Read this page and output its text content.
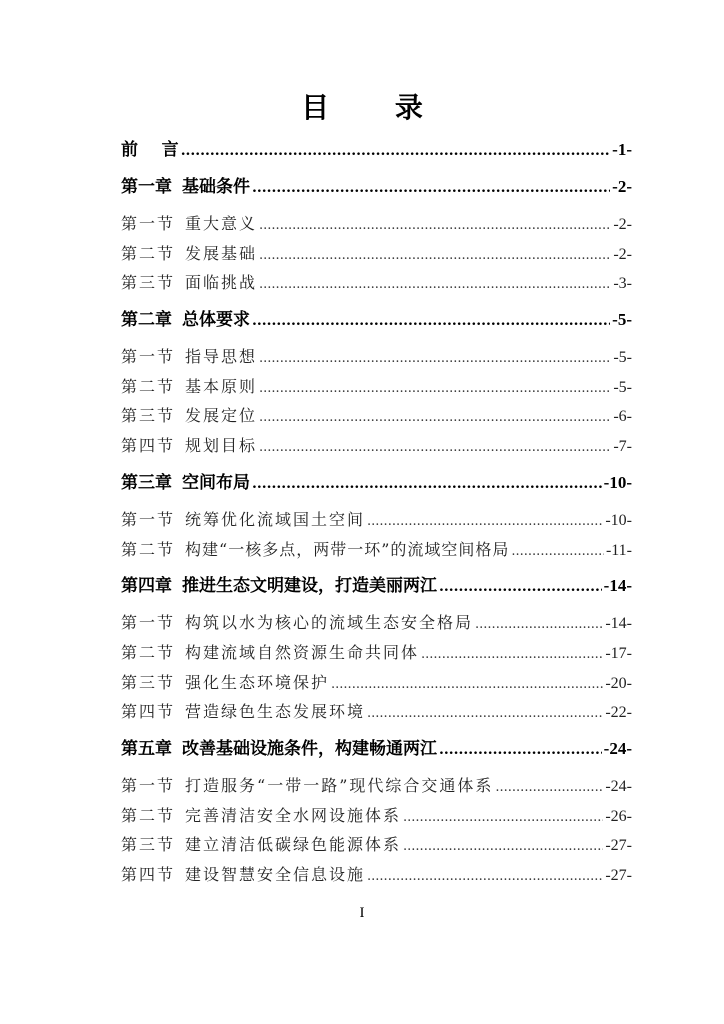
目 录
前    言 .....	-1-
第一章 基础条件 .....	-2-
第一节 重大意义 .....	-2-
第二节 发展基础 .....	-2-
第三节 面临挑战 .....	-3-
第二章 总体要求 .....	-5-
第一节 指导思想 .....	-5-
第二节 基本原则 .....	-5-
第三节 发展定位 .....	-6-
第四节 规划目标 .....	-7-
第三章 空间布局 .....	-10-
第一节 统筹优化流域国土空间 .....	-10-
第二节 构建“一核多点，两带一环”的流域空间格局 .....	-11-
第四章 推进生态文明建设，打造美丽两江 .....	-14-
第一节 构筑以水为核心的流域生态安全格局 .....	-14-
第二节 构建流域自然资源生命共同体 .....	-17-
第三节 强化生态环境保护 .....	-20-
第四节 营造绿色生态发展环境 .....	-22-
第五章 改善基础设施条件，构建畅通两江 .....	-24-
第一节 打造服务“一带一路”现代综合交通体系 .....	-24-
第二节 完善清洁安全水网设施体系 .....	-26-
第三节 建立清洁低碳绿色能源体系 .....	-27-
第四节 建设智慧安全信息设施 .....	-27-
I
